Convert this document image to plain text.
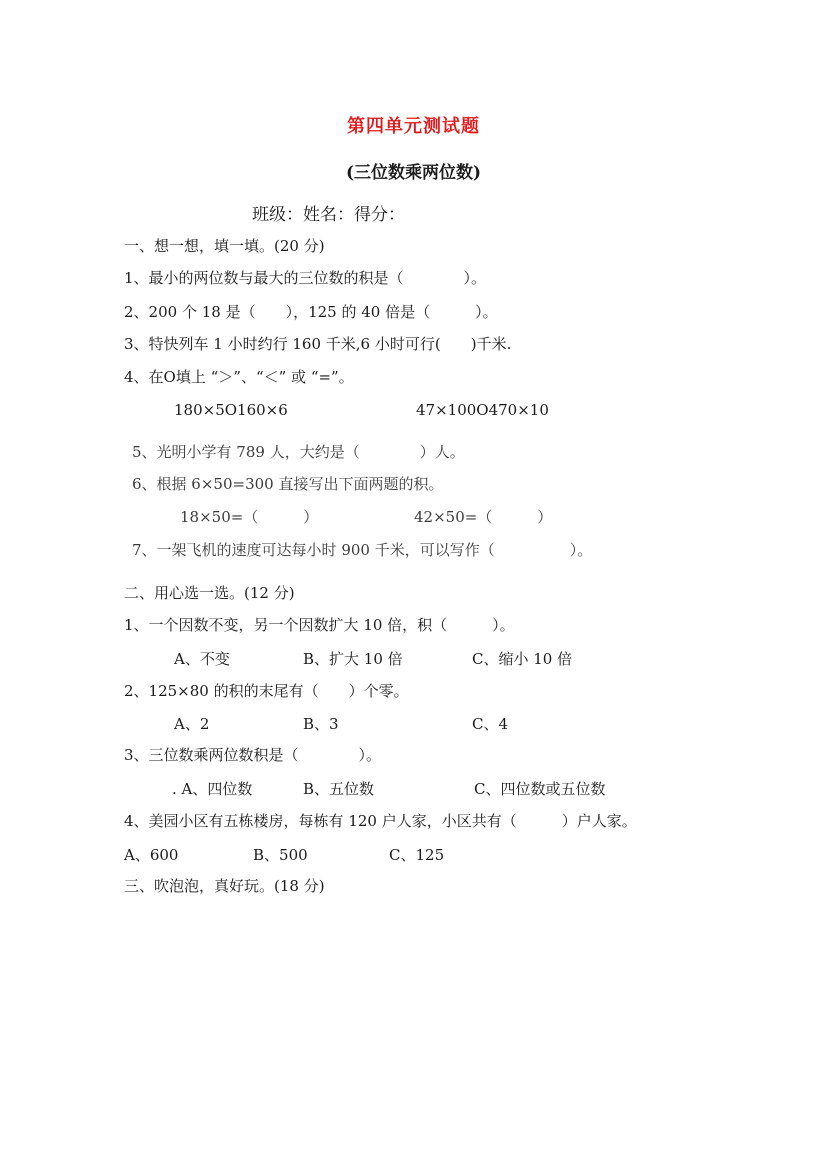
第四单元测试题
(三位数乘两位数)
班级：姓名：得分：
一、想一想，填一填。(20 分)
1、最小的两位数与最大的三位数的积是（　　　　）。
2、200 个 18 是（　　），125 的 40 倍是（　　　）。
3、特快列车 1 小时约行 160 千米,6 小时可行(　　)千米.
4、在O填上 “＞”、“＜” 或 “=”。
180×5O160×6	47×100O470×10
5、光明小学有 789 人，大约是（　　　　）人。
6、根据 6×50=300 直接写出下面两题的积。
18×50=（　　　）	42×50=（　　　）
7、一架飞机的速度可达每小时 900 千米，可以写作（　　　　　）。
二、用心选一选。(12 分)
1、一个因数不变，另一个因数扩大 10 倍，积（　　　）。
A、不变	B、扩大 10 倍	C、缩小 10 倍
2、125×80 的积的末尾有（　　）个零。
A、2	B、3	C、4
3、三位数乘两位数积是（　　　　）。
. A、四位数	B、五位数	C、四位数或五位数
4、美园小区有五栋楼房，每栋有 120 户人家，小区共有（　　　）户人家。
A、600	B、500	C、125
三、吹泡泡，真好玩。(18 分)
